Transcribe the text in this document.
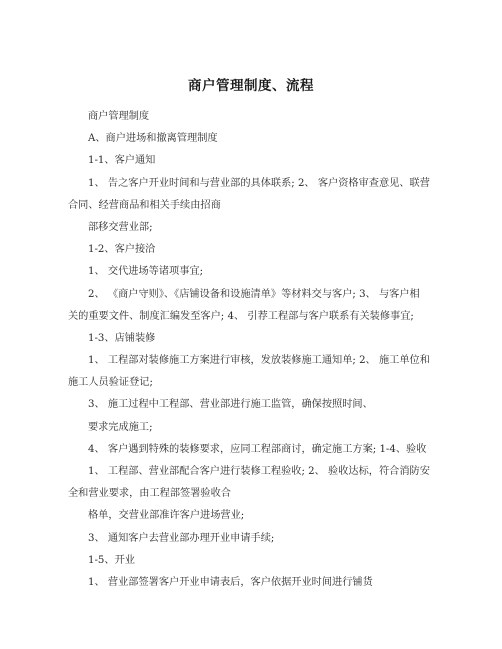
商户管理制度、流程
商户管理制度
A、商户进场和撤离管理制度
1-1、客户通知
1、 告之客户开业时间和与营业部的具体联系; 2、 客户资格审查意见、联营
合同、经营商品和相关手续由招商
部移交营业部;
1-2、客户接洽
1、 交代进场等诸项事宜;
2、 《商户守则》、《店铺设备和设施清单》等材料交与客户; 3、 与客户相
关的重要文件、制度汇编发至客户; 4、 引荐工程部与客户联系有关装修事宜;
1-3、店铺装修
1、 工程部对装修施工方案进行审核，发放装修施工通知单; 2、 施工单位和
施工人员验证登记;
3、 施工过程中工程部、营业部进行施工监管，确保按照时间、
要求完成施工;
4、 客户遇到特殊的装修要求，应同工程部商讨，确定施工方案; 1-4、验收
1、 工程部、营业部配合客户进行装修工程验收; 2、 验收达标，符合消防安
全和营业要求，由工程部签署验收合
格单，交营业部准许客户进场营业;
3、 通知客户去营业部办理开业申请手续;
1-5、开业
1、 营业部签署客户开业申请表后，客户依据开业时间进行铺货
